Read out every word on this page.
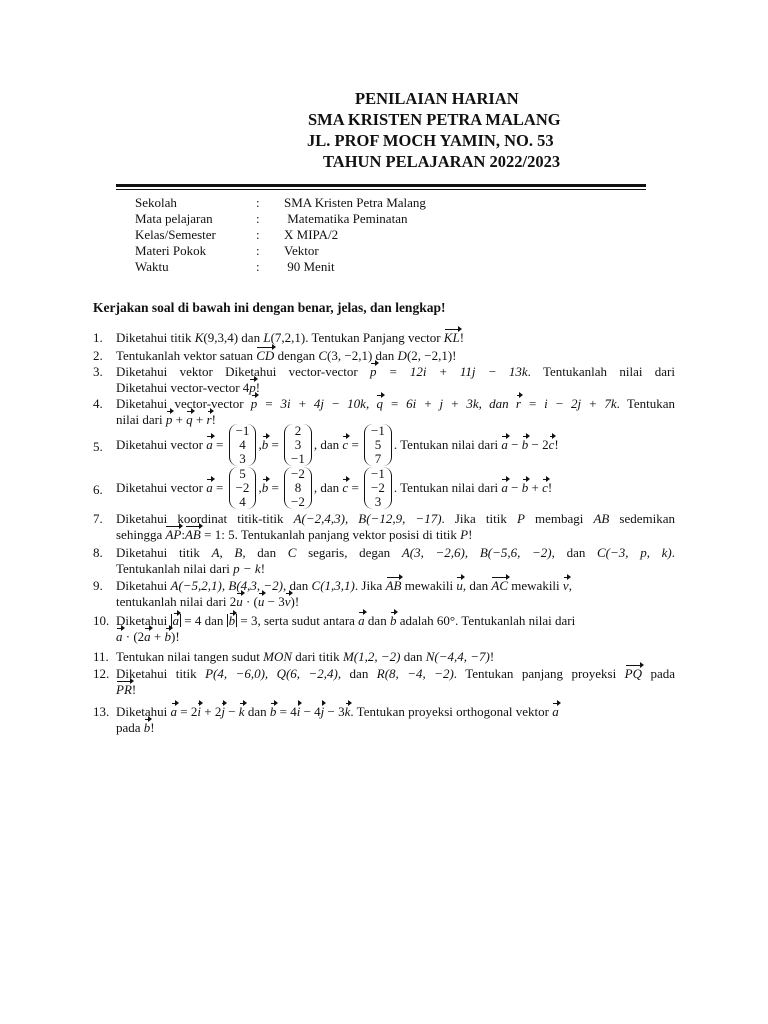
PENILAIAN HARIAN
SMA KRISTEN PETRA MALANG
JL. PROF MOCH YAMIN, NO. 53
TAHUN PELAJARAN 2022/2023
Sekolah	:	SMA Kristen Petra Malang
Mata pelajaran	:	Matematika Peminatan
Kelas/Semester	:	X MIPA/2
Materi Pokok	:	Vektor
Waktu	:	90 Menit
Kerjakan soal di bawah ini dengan benar, jelas, dan lengkap!
1.	Diketahui titik K(9,3,4) dan L(7,2,1). Tentukan Panjang vector KL!
2.	Tentukanlah vektor satuan CD dengan C(3, −2,1) dan D(2, −2,1)!
3.	Diketahui vektor Diketahui vector-vector p = 12i + 11j − 13k. Tentukanlah nilai dari
Diketahui vector-vector 4p!
4.	Diketahui vector-vector p = 3i + 4j − 10k, q = 6i + j + 3k, dan r = i − 2j + 7k. Tentukan
nilai dari p + q + r!
5.	Diketahui vector a =
−1
4
3
, b =
2
3
−1
, dan c =
−1
5
7
. Tentukan nilai dari a − b − 2 c !
6.	Diketahui vector a =
5
−2
4
, b =
−2
8
−2
, dan c =
−1
−2
3
. Tentukan nilai dari a − b + c !
7.	Diketahui koordinat titik-titik A(−2,4,3), B(−12,9, −17). Jika titik P membagi AB sedemikan
sehingga AP:AB = 1: 5. Tentukanlah panjang vektor posisi di titik P!
8.	Diketahui titik A, B, dan C segaris, degan A(3, −2,6), B(−5,6, −2), dan C(−3, p, k).
Tentukanlah nilai dari p − k!
9.	Diketahui A(−5,2,1), B(4,3, −2), dan C(1,3,1). Jika AB mewakili u, dan AC mewakili v,
tentukanlah nilai dari 2u · (u − 3v)!
10. Diketahui a = 4 dan b = 3, serta sudut antara a dan b adalah 60°. Tentukanlah nilai dari
a · (2a + b)!
11. Tentukan nilai tangen sudut MON dari titik M(1,2, −2) dan N(−4,4, −7)!
12. Diketahui titik P(4, −6,0), Q(6, −2,4), dan R(8, −4, −2). Tentukan panjang proyeksi PQ pada
PR!
13. Diketahui a = 2i + 2j − k dan b = 4i − 4j − 3k. Tentukan proyeksi orthogonal vektor a
pada b!
